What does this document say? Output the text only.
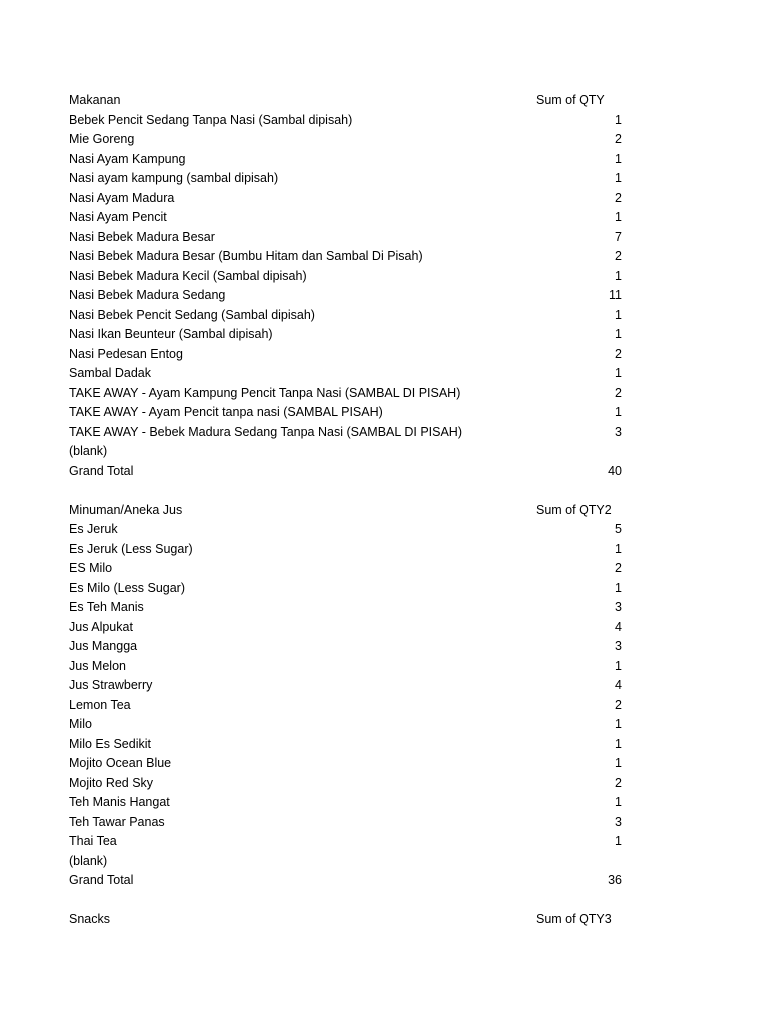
Makanan	Sum of QTY
Bebek Pencit Sedang Tanpa Nasi (Sambal dipisah)	1
Mie Goreng	2
Nasi Ayam Kampung	1
Nasi ayam kampung (sambal dipisah)	1
Nasi Ayam Madura	2
Nasi Ayam Pencit	1
Nasi Bebek Madura Besar	7
Nasi Bebek Madura Besar (Bumbu Hitam dan Sambal Di Pisah)	2
Nasi Bebek Madura Kecil (Sambal dipisah)	1
Nasi Bebek Madura Sedang	11
Nasi Bebek Pencit Sedang (Sambal dipisah)	1
Nasi Ikan Beunteur (Sambal dipisah)	1
Nasi Pedesan Entog	2
Sambal Dadak	1
TAKE AWAY - Ayam Kampung Pencit Tanpa Nasi (SAMBAL DI PISAH)	2
TAKE AWAY - Ayam Pencit tanpa nasi (SAMBAL PISAH)	1
TAKE AWAY - Bebek Madura Sedang Tanpa Nasi (SAMBAL DI PISAH)	3
(blank)
Grand Total	40
Minuman/Aneka Jus	Sum of QTY2
Es Jeruk	5
Es Jeruk (Less Sugar)	1
ES Milo	2
Es Milo (Less Sugar)	1
Es Teh Manis	3
Jus Alpukat	4
Jus Mangga	3
Jus Melon	1
Jus Strawberry	4
Lemon Tea	2
Milo	1
Milo Es Sedikit	1
Mojito Ocean Blue	1
Mojito Red Sky	2
Teh Manis Hangat	1
Teh Tawar Panas	3
Thai Tea	1
(blank)
Grand Total	36
Snacks	Sum of QTY3
